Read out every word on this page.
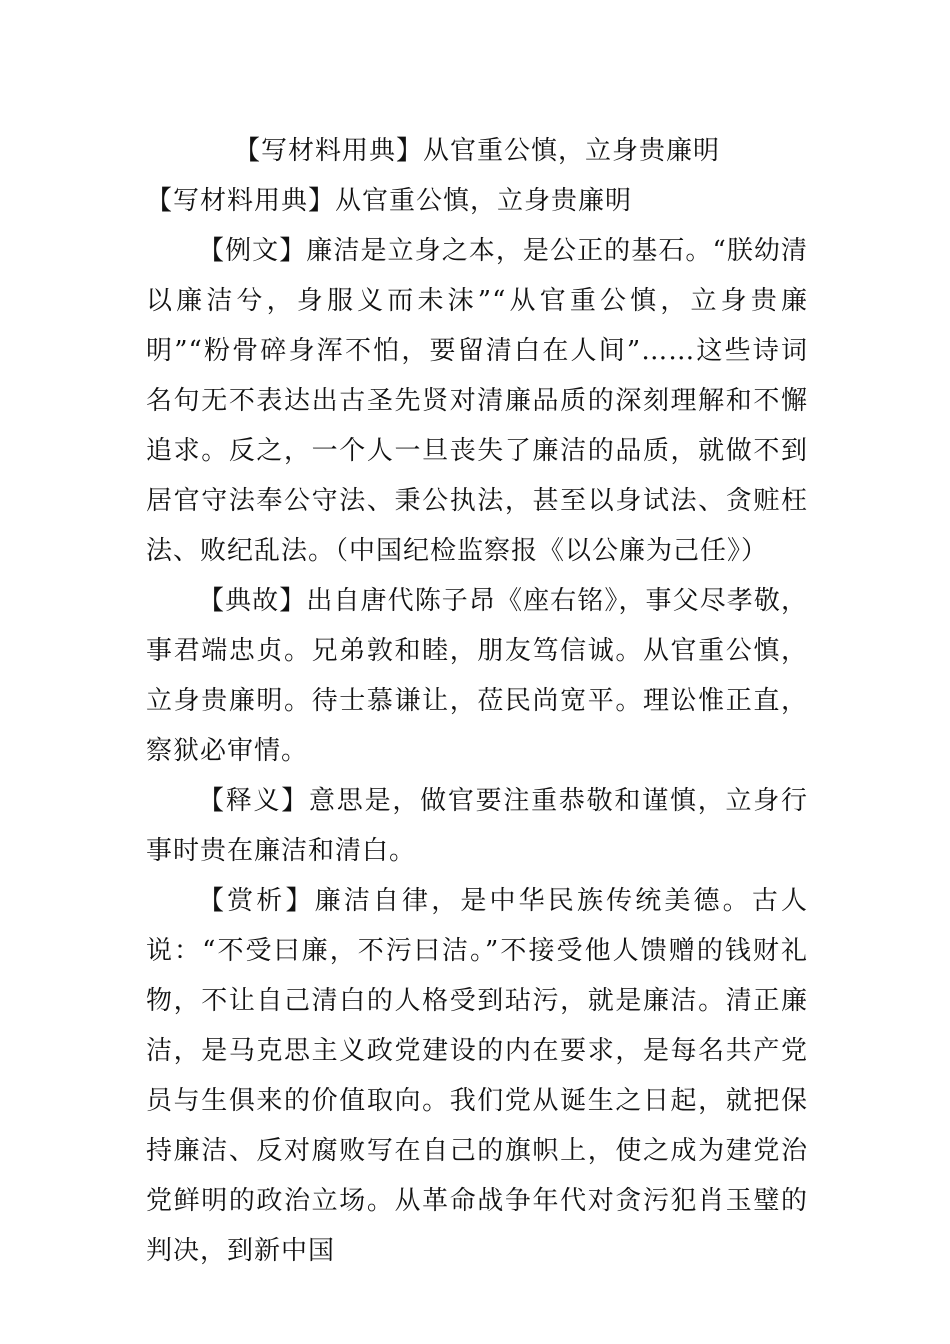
【写材料用典】从官重公慎，立身贵廉明
【写材料用典】从官重公慎，立身贵廉明

【例文】廉洁是立身之本，是公正的基石。“朕幼清以廉洁兮，身服义而未沫”“从官重公慎，立身贵廉明”“粉骨碎身浑不怕，要留清白在人间”……这些诗词名句无不表达出古圣先贤对清廉品质的深刻理解和不懈追求。反之，一个人一旦丧失了廉洁的品质，就做不到居官守法奉公守法、秉公执法，甚至以身试法、贪赃枉法、败纪乱法。（中国纪检监察报《以公廉为己任》）

【典故】出自唐代陈子昂《座右铭》，事父尽孝敬，事君端忠贞。兄弟敦和睦，朋友笃信诚。从官重公慎，立身贵廉明。待士慕谦让，莅民尚宽平。理讼惟正直，察狱必审情。

【释义】意思是，做官要注重恭敬和谨慎，立身行事时贵在廉洁和清白。

【赏析】廉洁自律，是中华民族传统美德。古人说：“不受曰廉，不污曰洁。”不接受他人馈赠的钱财礼物，不让自己清白的人格受到玷污，就是廉洁。清正廉洁，是马克思主义政党建设的内在要求，是每名共产党员与生俱来的价值取向。我们党从诞生之日起，就把保持廉洁、反对腐败写在自己的旗帜上，使之成为建党治党鲜明的政治立场。从革命战争年代对贪污犯肖玉璧的判决，到新中国
